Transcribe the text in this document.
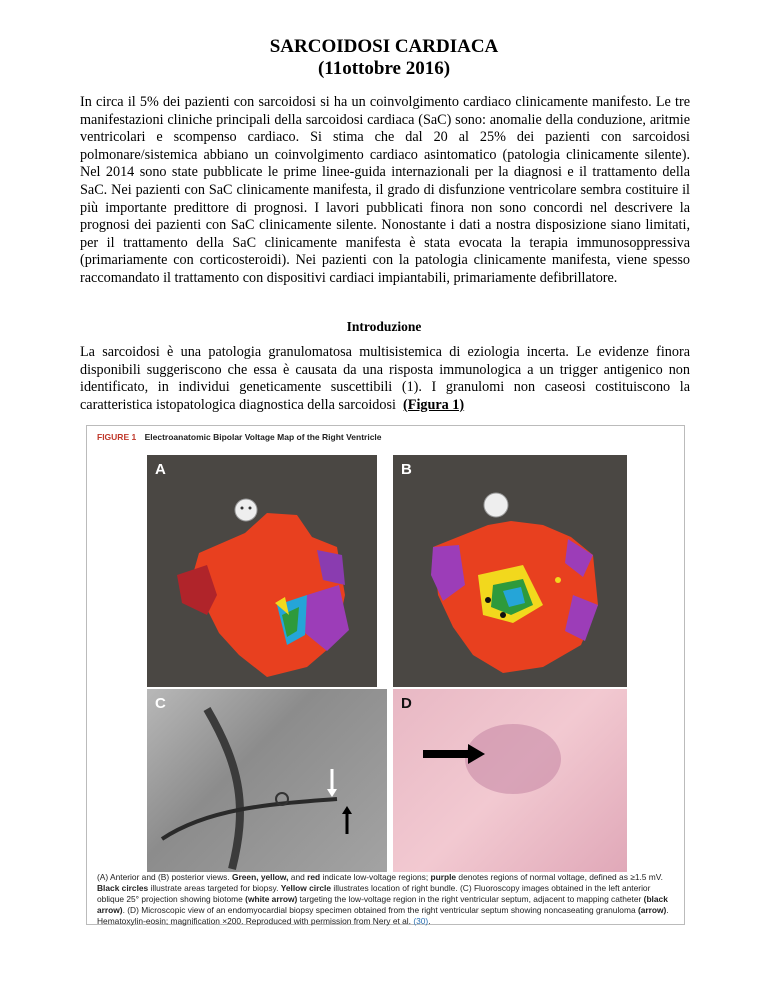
SARCOIDOSI CARDIACA
(11ottobre 2016)
In circa il 5% dei pazienti con sarcoidosi si ha un coinvolgimento cardiaco clinicamente manifesto. Le tre manifestazioni cliniche principali della sarcoidosi cardiaca (SaC) sono: anomalie della conduzione, aritmie ventricolari e scompenso cardiaco. Si stima che dal 20 al 25% dei pazienti con sarcoidosi polmonare/sistemica abbiano un coinvolgimento cardiaco asintomatico (patologia clinicamente silente). Nel 2014 sono state pubblicate le prime linee-guida internazionali per la diagnosi e il trattamento della SaC. Nei pazienti con SaC clinicamente manifesta, il grado di disfunzione ventricolare sembra costituire il più importante predittore di prognosi. I lavori pubblicati finora non sono concordi nel descrivere la prognosi dei pazienti con SaC clinicamente silente. Nonostante i dati a nostra disposizione siano limitati, per il trattamento della SaC clinicamente manifesta è stata evocata la terapia immunosoppressiva (primariamente con corticosteroidi). Nei pazienti con la patologia clinicamente manifesta, viene spesso raccomandato il trattamento con dispositivi cardiaci impiantabili, primariamente defibrillatore.
Introduzione
La sarcoidosi è una patologia granulomatosa multisistemica di eziologia incerta. Le evidenze finora disponibili suggeriscono che essa è causata da una risposta immunologica a un trigger antigenico non identificato, in individui geneticamente suscettibili (1). I granulomi non caseosi costituiscono la caratteristica istopatologica diagnostica della sarcoidosi (Figura 1)
FIGURE 1 Electroanatomic Bipolar Voltage Map of the Right Ventricle
A	B
C	D
(A) Anterior and (B) posterior views. Green, yellow, and red indicate low-voltage regions; purple denotes regions of normal voltage, defined as ≥1.5 mV. Black circles illustrate areas targeted for biopsy. Yellow circle illustrates location of right bundle. (C) Fluoroscopy images obtained in the left anterior oblique 25° projection showing biotome (white arrow) targeting the low-voltage region in the right ventricular septum, adjacent to mapping catheter (black arrow). (D) Microscopic view of an endomyocardial biopsy specimen obtained from the right ventricular septum showing noncaseating granuloma (arrow). Hematoxylin-eosin; magnification ×200. Reproduced with permission from Nery et al. (30).
